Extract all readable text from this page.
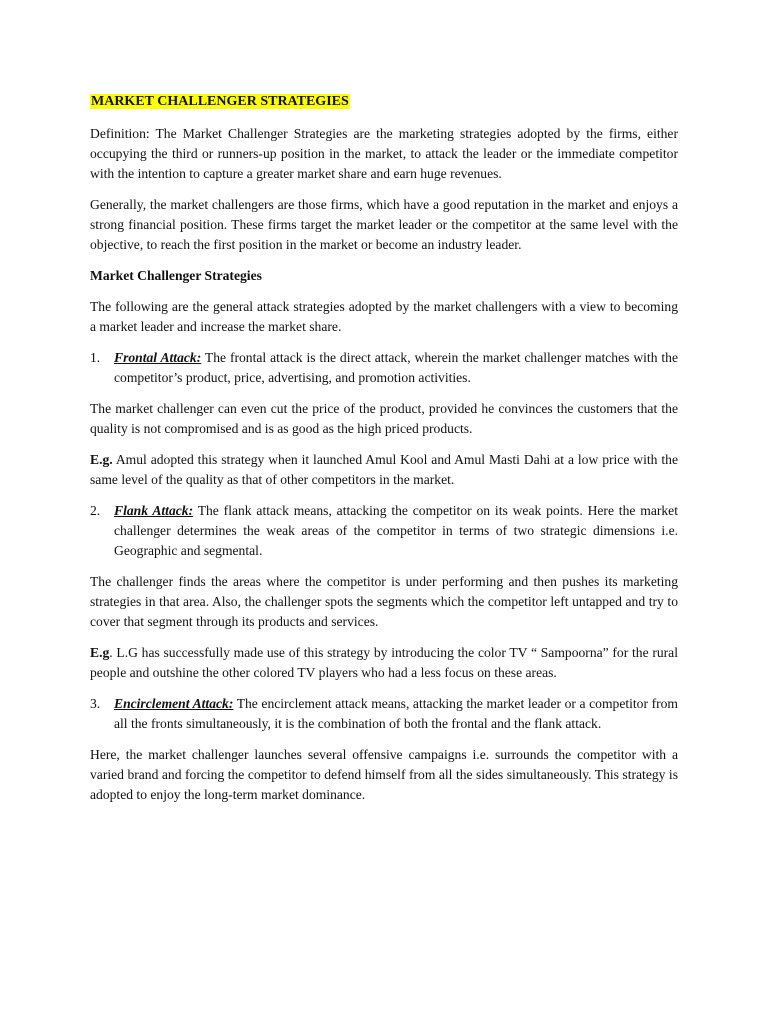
MARKET CHALLENGER STRATEGIES

Definition: The Market Challenger Strategies are the marketing strategies adopted by the firms, either occupying the third or runners-up position in the market, to attack the leader or the immediate competitor with the intention to capture a greater market share and earn huge revenues.

Generally, the market challengers are those firms, which have a good reputation in the market and enjoys a strong financial position. These firms target the market leader or the competitor at the same level with the objective, to reach the first position in the market or become an industry leader.

Market Challenger Strategies

The following are the general attack strategies adopted by the market challengers with a view to becoming a market leader and increase the market share.

1.	Frontal Attack: The frontal attack is the direct attack, wherein the market challenger matches with the competitor’s product, price, advertising, and promotion activities.

The market challenger can even cut the price of the product, provided he convinces the customers that the quality is not compromised and is as good as the high priced products.

E.g. Amul adopted this strategy when it launched Amul Kool and Amul Masti Dahi at a low price with the same level of the quality as that of other competitors in the market.

2.	Flank Attack: The flank attack means, attacking the competitor on its weak points. Here the market challenger determines the weak areas of the competitor in terms of two strategic dimensions i.e. Geographic and segmental.

The challenger finds the areas where the competitor is under performing and then pushes its marketing strategies in that area. Also, the challenger spots the segments which the competitor left untapped and try to cover that segment through its products and services.

E.g. L.G has successfully made use of this strategy by introducing the color TV “ Sampoorna” for the rural people and outshine the other colored TV players who had a less focus on these areas.

3.	Encirclement Attack: The encirclement attack means, attacking the market leader or a competitor from all the fronts simultaneously, it is the combination of both the frontal and the flank attack.

Here, the market challenger launches several offensive campaigns i.e. surrounds the competitor with a varied brand and forcing the competitor to defend himself from all the sides simultaneously. This strategy is adopted to enjoy the long-term market dominance.
